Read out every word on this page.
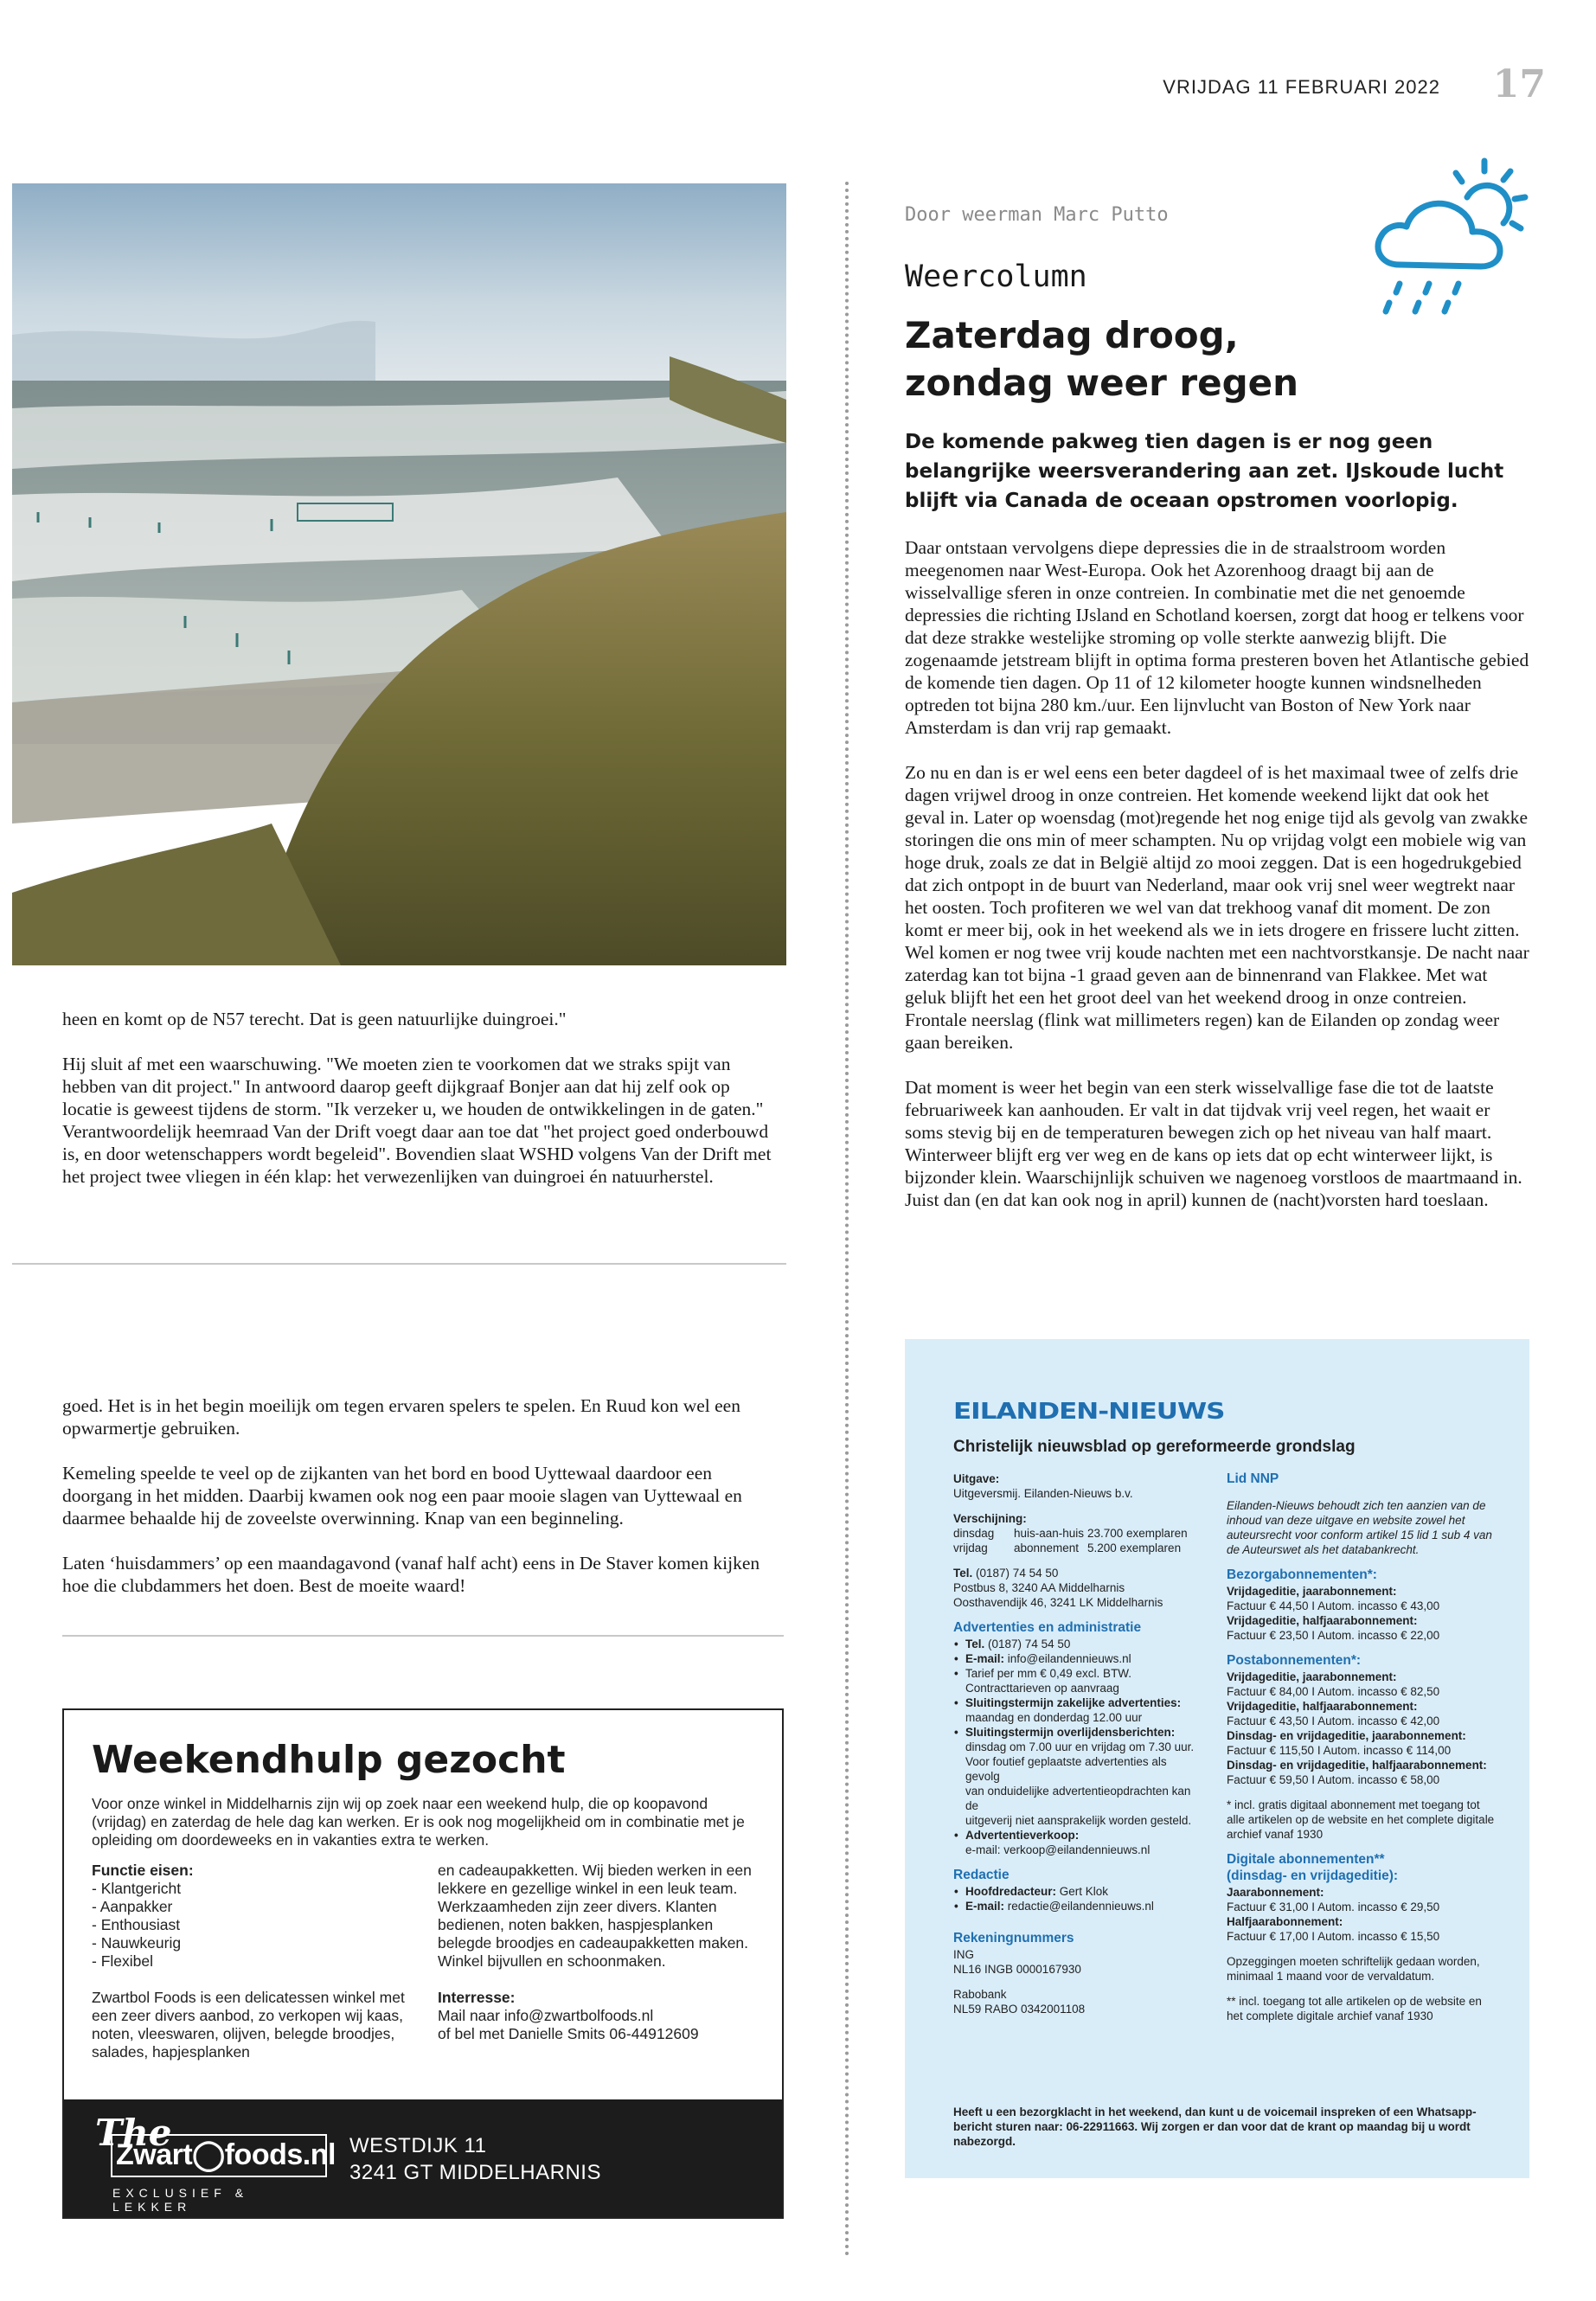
VRIJDAG 11 FEBRUARI 2022 17

heen en komt op de N57 terecht. Dat is geen natuurlijke duingroei."

Hij sluit af met een waarschuwing. "We moeten zien te voorkomen dat we straks spijt van hebben van dit project." In antwoord daarop geeft dijkgraaf Bonjer aan dat hij zelf ook op locatie is geweest tijdens de storm. "Ik verzeker u, we houden de ontwikkelingen in de gaten." Verantwoordelijk heemraad Van der Drift voegt daar aan toe dat "het project goed onderbouwd is, en door wetenschappers wordt begeleid". Bovendien slaat WSHD volgens Van der Drift met het project twee vliegen in één klap: het verwezenlijken van duingroei én natuurherstel.

goed. Het is in het begin moeilijk om tegen ervaren spelers te spelen. En Ruud kon wel een opwarmertje gebruiken.

Kemeling speelde te veel op de zijkanten van het bord en bood Uyttewaal daardoor een doorgang in het midden. Daarbij kwamen ook nog een paar mooie slagen van Uyttewaal en daarmee behaalde hij de zoveelste overwinning. Knap van een beginneling.

Laten ‘huisdammers’ op een maandagavond (vanaf half acht) eens in De Staver komen kijken hoe die clubdammers het doen. Best de moeite waard!

Weekendhulp gezocht
Voor onze winkel in Middelharnis zijn wij op zoek naar een weekend hulp, die op koopavond (vrijdag) en zaterdag de hele dag kan werken. Er is ook nog mogelijkheid om in combinatie met je opleiding om doordeweeks en in vakanties extra te werken.
Functie eisen:
- Klantgericht
- Aanpakker
- Enthousiast
- Nauwkeurig
- Flexibel
Zwartbol Foods is een delicatessen winkel met een zeer divers aanbod, zo verkopen wij kaas, noten, vleeswaren, olijven, belegde broodjes, salades, hapjesplanken
en cadeaupakketten. Wij bieden werken in een lekkere en gezellige winkel in een leuk team. Werkzaamheden zijn zeer divers. Klanten bedienen, noten bakken, haspjesplanken belegde broodjes en cadeaupakketten maken. Winkel bijvullen en schoonmaken.
Interresse:
Mail naar info@zwartbolfoods.nl
of bel met Danielle Smits 06-44912609
The
Zwart◯foods.nl
EXCLUSIEF & LEKKER
WESTDIJK 11
3241 GT MIDDELHARNIS
Door weerman Marc Putto
Weercolumn
Zaterdag droog,
zondag weer regen
De komende pakweg tien dagen is er nog geen belangrijke weersverandering aan zet. IJskoude lucht blijft via Canada de oceaan opstromen voorlopig.

Daar ontstaan vervolgens diepe depressies die in de straalstroom worden meegenomen naar West-Europa. Ook het Azorenhoog draagt bij aan de wisselvallige sferen in onze contreien. In combinatie met die net genoemde depressies die richting IJsland en Schotland koersen, zorgt dat hoog er telkens voor dat deze strakke westelijke stroming op volle sterkte aanwezig blijft. Die zogenaamde jetstream blijft in optima forma presteren boven het Atlantische gebied de komende tien dagen. Op 11 of 12 kilometer hoogte kunnen windsnelheden optreden tot bijna 280 km./uur. Een lijnvlucht van Boston of New York naar Amsterdam is dan vrij rap gemaakt.

Zo nu en dan is er wel eens een beter dagdeel of is het maximaal twee of zelfs drie dagen vrijwel droog in onze contreien. Het komende weekend lijkt dat ook het geval in. Later op woensdag (mot)regende het nog enige tijd als gevolg van zwakke storingen die ons min of meer schampten. Nu op vrijdag volgt een mobiele wig van hoge druk, zoals ze dat in België altijd zo mooi zeggen. Dat is een hogedrukgebied dat zich ontpopt in de buurt van Nederland, maar ook vrij snel weer wegtrekt naar het oosten. Toch profiteren we wel van dat trekhoog vanaf dit moment. De zon komt er meer bij, ook in het weekend als we in iets drogere en frissere lucht zitten. Wel komen er nog twee vrij koude nachten met een nachtvorstkansje. De nacht naar zaterdag kan tot bijna -1 graad geven aan de binnenrand van Flakkee. Met wat geluk blijft het een het groot deel van het weekend droog in onze contreien. Frontale neerslag (flink wat millimeters regen) kan de Eilanden op zondag weer gaan bereiken.

Dat moment is weer het begin van een sterk wisselvallige fase die tot de laatste februariweek kan aanhouden. Er valt in dat tijdvak vrij veel regen, het waait er soms stevig bij en de temperaturen bewegen zich op het niveau van half maart. Winterweer blijft erg ver weg en de kans op iets dat op echt winterweer lijkt, is bijzonder klein. Waarschijnlijk schuiven we nagenoeg vorstloos de maartmaand in. Juist dan (en dat kan ook nog in april) kunnen de (nacht)vorsten hard toeslaan.

EILANDEN-NIEUWS
Christelijk nieuwsblad op gereformeerde grondslag
Uitgave:
Uitgeversmij. Eilanden-Nieuws b.v.
Verschijning:
dinsdag	huis-aan-huis 23.700 exemplaren
vrijdag	abonnement 5.200 exemplaren
Tel. (0187) 74 54 50
Postbus 8, 3240 AA Middelharnis
Oosthavendijk 46, 3241 LK Middelharnis
Advertenties en administratie
• Tel. (0187) 74 54 50
• E-mail: info@eilandennieuws.nl
• Tarief per mm € 0,49 excl. BTW.
Contracttarieven op aanvraag
• Sluitingstermijn zakelijke advertenties:
maandag en donderdag 12.00 uur
• Sluitingstermijn overlijdensberichten:
dinsdag om 7.00 uur en vrijdag om 7.30 uur.
Voor foutief geplaatste advertenties als gevolg
van onduidelijke advertentieopdrachten kan de
uitgeverij niet aansprakelijk worden gesteld.
• Advertentieverkoop:
e-mail: verkoop@eilandennieuws.nl
Redactie
• Hoofdredacteur: Gert Klok
• E-mail: redactie@eilandennieuws.nl
Rekeningnummers
ING
NL16 INGB 0000167930
Rabobank
NL59 RABO 0342001108
Lid NNP
Eilanden-Nieuws behoudt zich ten aanzien van de inhoud van deze uitgave en website zowel het auteursrecht voor conform artikel 15 lid 1 sub 4 van de Auteurswet als het databankrecht.
Bezorgabonnementen*:
Vrijdageditie, jaarabonnement:
Factuur € 44,50 I Autom. incasso € 43,00
Vrijdageditie, halfjaarabonnement:
Factuur € 23,50 I Autom. incasso € 22,00
Postabonnementen*:
Vrijdageditie, jaarabonnement:
Factuur € 84,00 I Autom. incasso € 82,50
Vrijdageditie, halfjaarabonnement:
Factuur € 43,50 I Autom. incasso € 42,00
Dinsdag- en vrijdageditie, jaarabonnement:
Factuur € 115,50 I Autom. incasso € 114,00
Dinsdag- en vrijdageditie, halfjaarabonnement:
Factuur € 59,50 I Autom. incasso € 58,00
* incl. gratis digitaal abonnement met toegang tot alle artikelen op de website en het complete digitale archief vanaf 1930
Digitale abonnementen**
(dinsdag- en vrijdageditie):
Jaarabonnement:
Factuur € 31,00 I Autom. incasso € 29,50
Halfjaarabonnement:
Factuur € 17,00 I Autom. incasso € 15,50
Opzeggingen moeten schriftelijk gedaan worden, minimaal 1 maand voor de vervaldatum.
** incl. toegang tot alle artikelen op de website en het complete digitale archief vanaf 1930
Heeft u een bezorgklacht in het weekend, dan kunt u de voicemail inspreken of een Whatsapp-bericht sturen naar: 06-22911663. Wij zorgen er dan voor dat de krant op maandag bij u wordt nabezorgd.
